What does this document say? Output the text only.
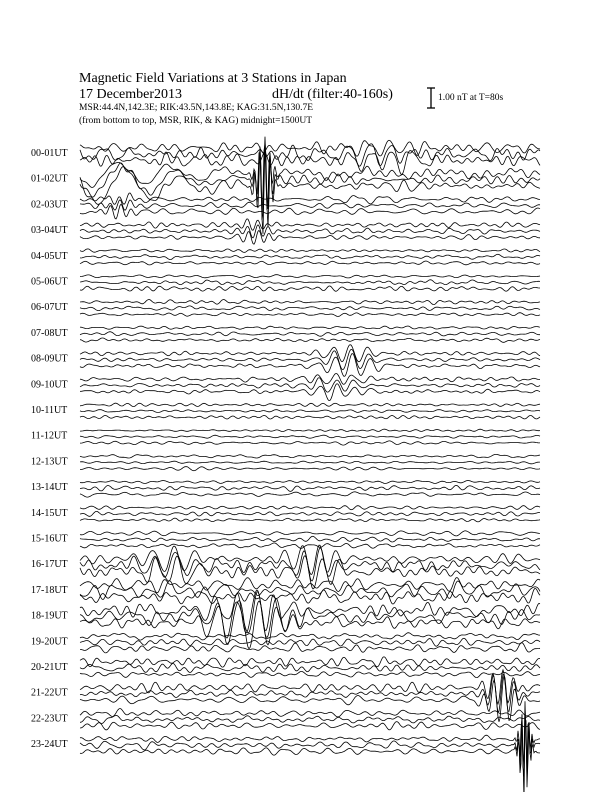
Magnetic Field Variations at 3 Stations in Japan
17 December2013	dH/dt (filter:40-160s)
MSR:44.4N,142.3E; RIK:43.5N,143.8E; KAG:31.5N,130.7E
(from bottom to top, MSR, RIK, & KAG) midnight=1500UT
1.00 nT at T=80s
00-01UT
01-02UT
02-03UT
03-04UT
04-05UT
05-06UT
06-07UT
07-08UT
08-09UT
09-10UT
10-11UT
11-12UT
12-13UT
13-14UT
14-15UT
15-16UT
16-17UT
17-18UT
18-19UT
19-20UT
20-21UT
21-22UT
22-23UT
23-24UT
